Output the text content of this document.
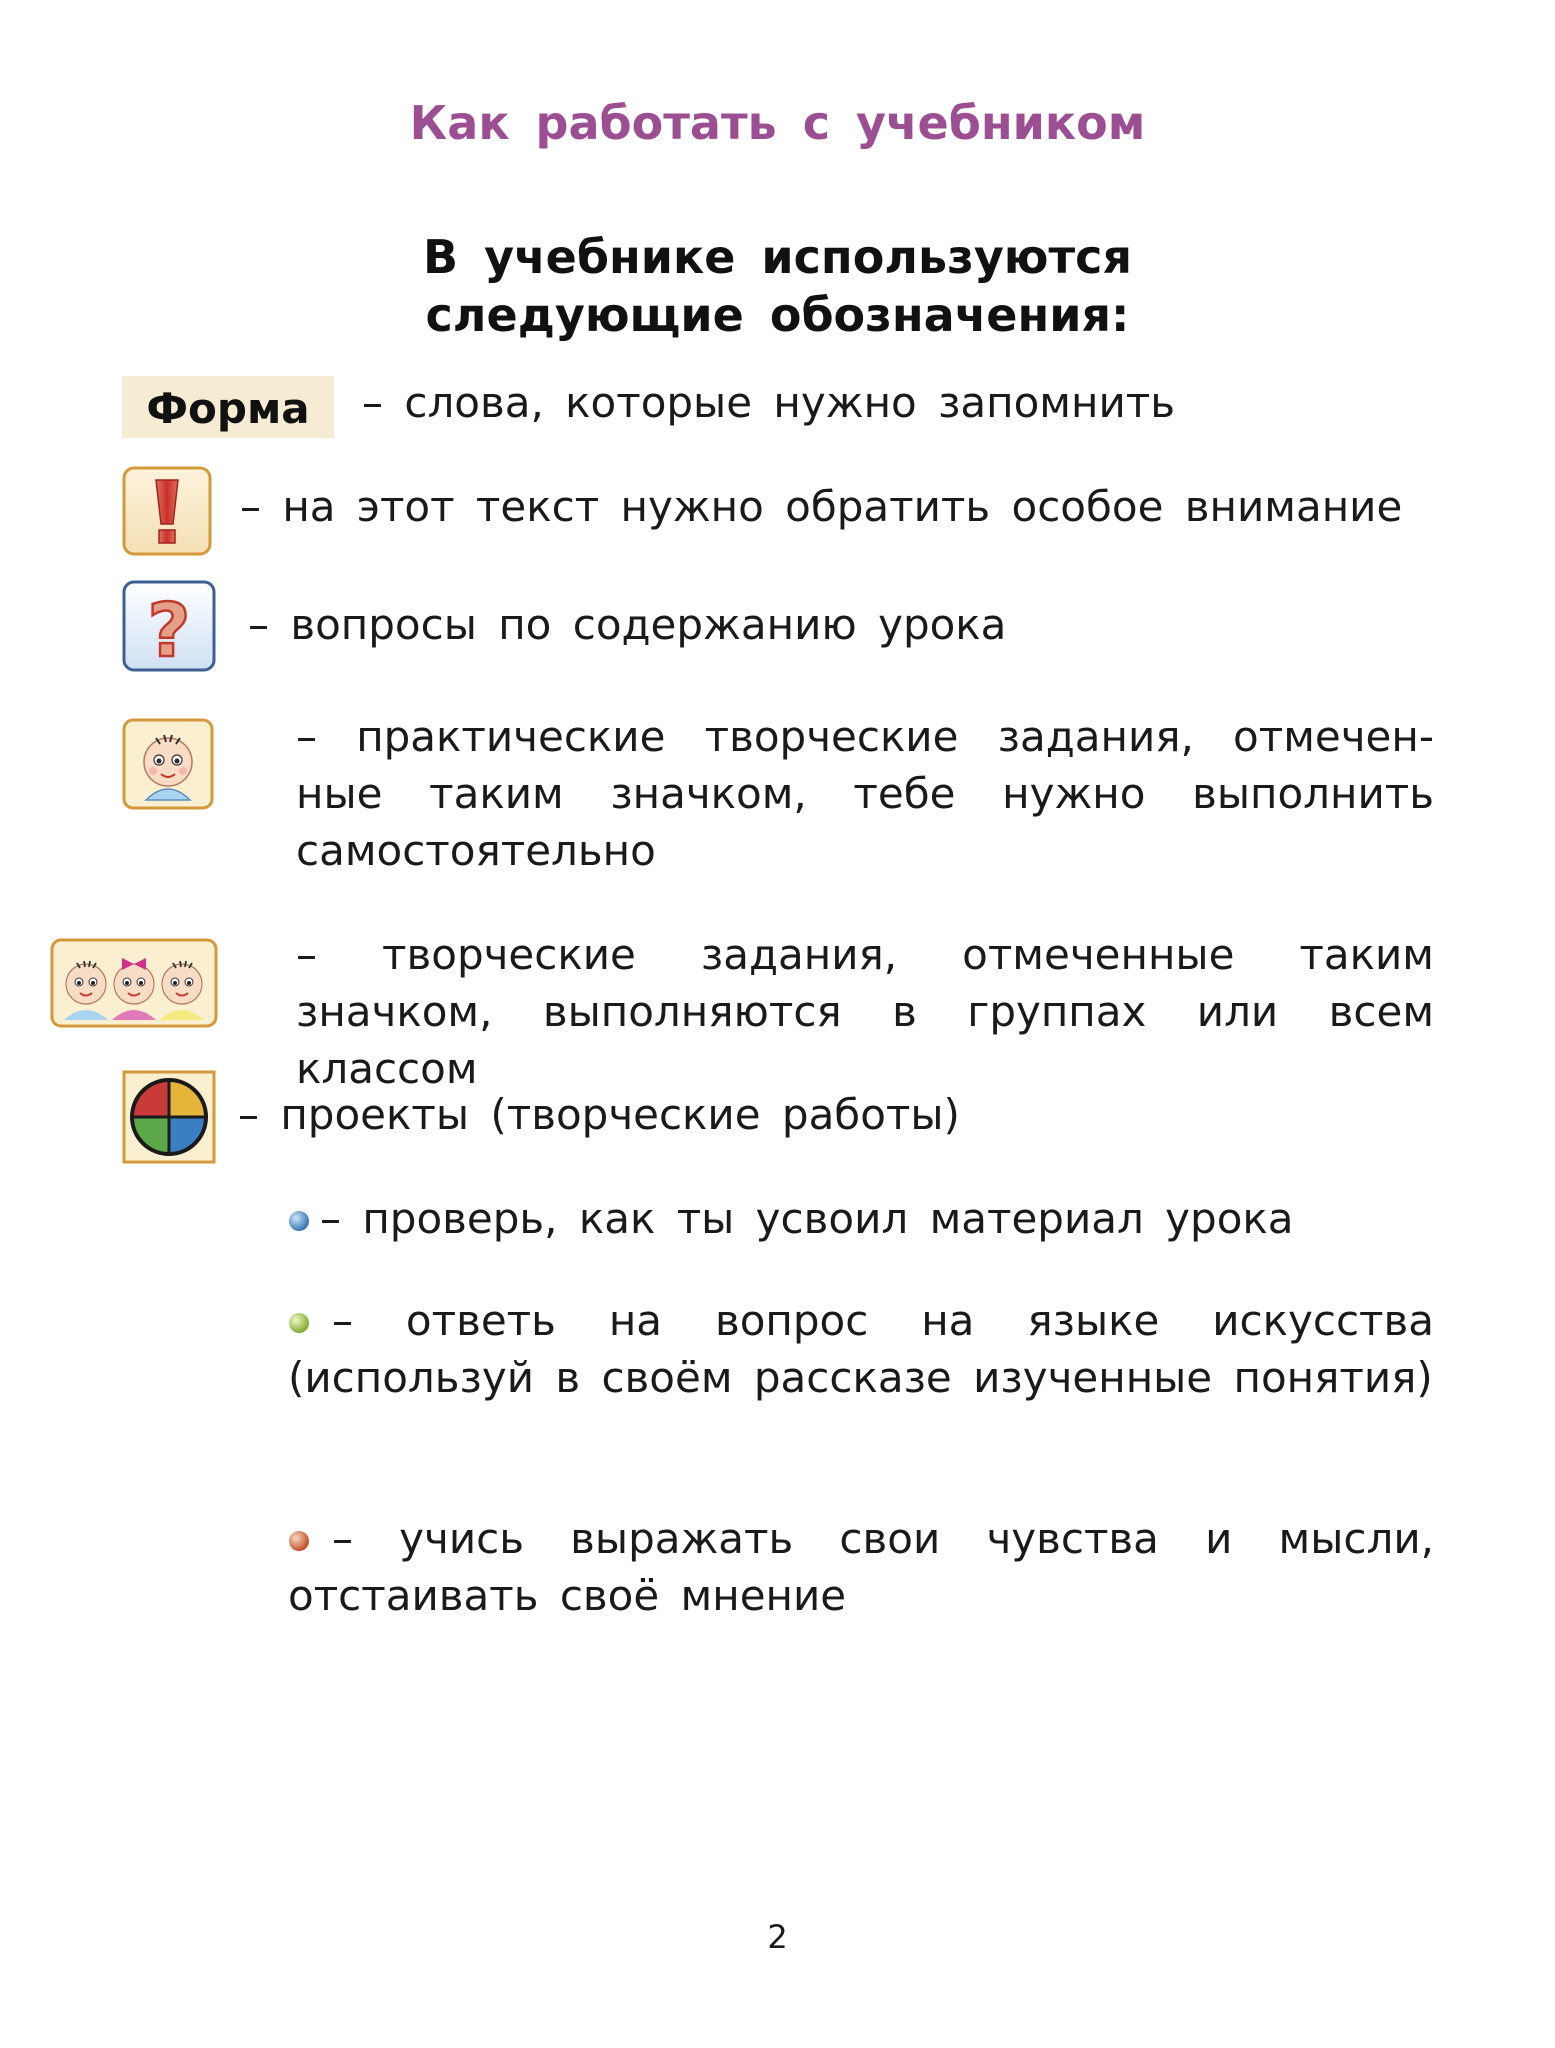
Как работать с учебником
В учебнике используются
следующие обозначения:
Форма	– слова, которые нужно запомнить
– на этот текст нужно обратить особое внимание
? – вопросы по содержанию урока
– практические творческие задания, отмечен-ные таким значком, тебе нужно выполнить самостоятельно
– творческие задания, отмеченные таким значком, выполняются в группах или всем классом
– проекты (творческие работы)
– проверь, как ты усвоил материал урока
– ответь на вопрос на языке искусства (используй в своём рассказе изученные понятия)
– учись выражать свои чувства и мысли, отстаивать своё мнение
2
